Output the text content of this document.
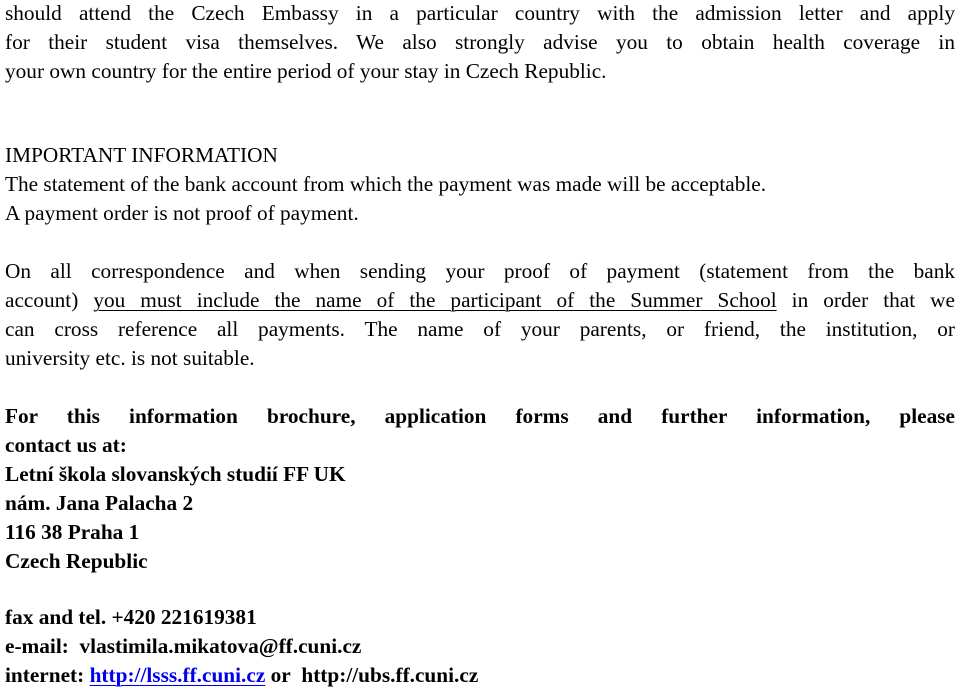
should attend the Czech Embassy in a particular country with the admission letter and apply
for their student visa themselves. We also strongly advise you to obtain health coverage in
your own country for the entire period of your stay in Czech Republic.
IMPORTANT INFORMATION
The statement of the bank account from which the payment was made will be acceptable.
A payment order is not proof of payment.
On all correspondence and when sending your proof of payment (statement from the bank
account) you must include the name of the participant of the Summer School in order that we
can cross reference all payments. The name of your parents, or friend, the institution, or
university etc. is not suitable.
For this information brochure, application forms and further information, please
contact us at:
Letní škola slovanských studií FF UK
nám. Jana Palacha 2
116 38 Praha 1
Czech Republic
fax and tel. +420 221619381
e-mail: vlastimila.mikatova@ff.cuni.cz
internet: http://lsss.ff.cuni.cz or http://ubs.ff.cuni.cz
